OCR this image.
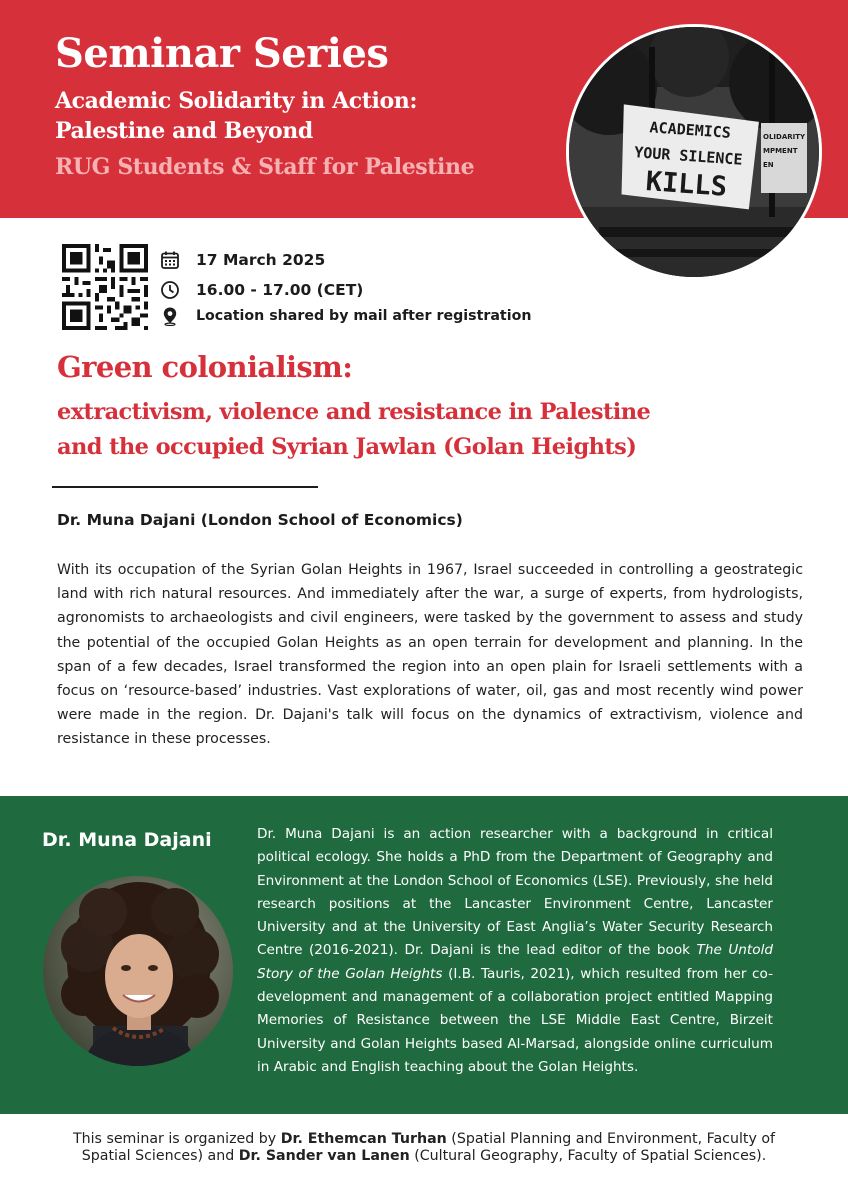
Seminar Series
Academic Solidarity in Action:
Palestine and Beyond
RUG Students & Staff for Palestine
ACADEMICS
YOUR SILENCE
KILLS
OLIDARITY
MPMENT
EN
17 March 2025
16.00 - 17.00 (CET)
Location shared by mail after registration
Green colonialism:
extractivism, violence and resistance in Palestine
and the occupied Syrian Jawlan (Golan Heights)

Dr. Muna Dajani (London School of Economics)

With its occupation of the Syrian Golan Heights in 1967, Israel succeeded in controlling a geostrategic land with rich natural resources. And immediately after the war, a surge of experts, from hydrologists, agronomists to archaeologists and civil engineers, were tasked by the government to assess and study the potential of the occupied Golan Heights as an open terrain for development and planning. In the span of a few decades, Israel transformed the region into an open plain for Israeli settlements with a focus on ‘resource-based’ industries. Vast explorations of water, oil, gas and most recently wind power were made in the region. Dr. Dajani's talk will focus on the dynamics of extractivism, violence and resistance in these processes.

Dr. Muna Dajani	Dr. Muna Dajani is an action researcher with a background in critical political ecology. She holds a PhD from the Department of Geography and Environment at the London School of Economics (LSE). Previously, she held research positions at the Lancaster Environment Centre, Lancaster University and at the University of East Anglia’s Water Security Research Centre (2016-2021). Dr. Dajani is the lead editor of the book The Untold Story of the Golan Heights (I.B. Tauris, 2021), which resulted from her co-development and management of a collaboration project entitled Mapping Memories of Resistance between the LSE Middle East Centre, Birzeit University and Golan Heights based Al-Marsad, alongside online curriculum in Arabic and English teaching about the Golan Heights.

This seminar is organized by Dr. Ethemcan Turhan (Spatial Planning and Environment, Faculty of Spatial Sciences) and Dr. Sander van Lanen (Cultural Geography, Faculty of Spatial Sciences).
